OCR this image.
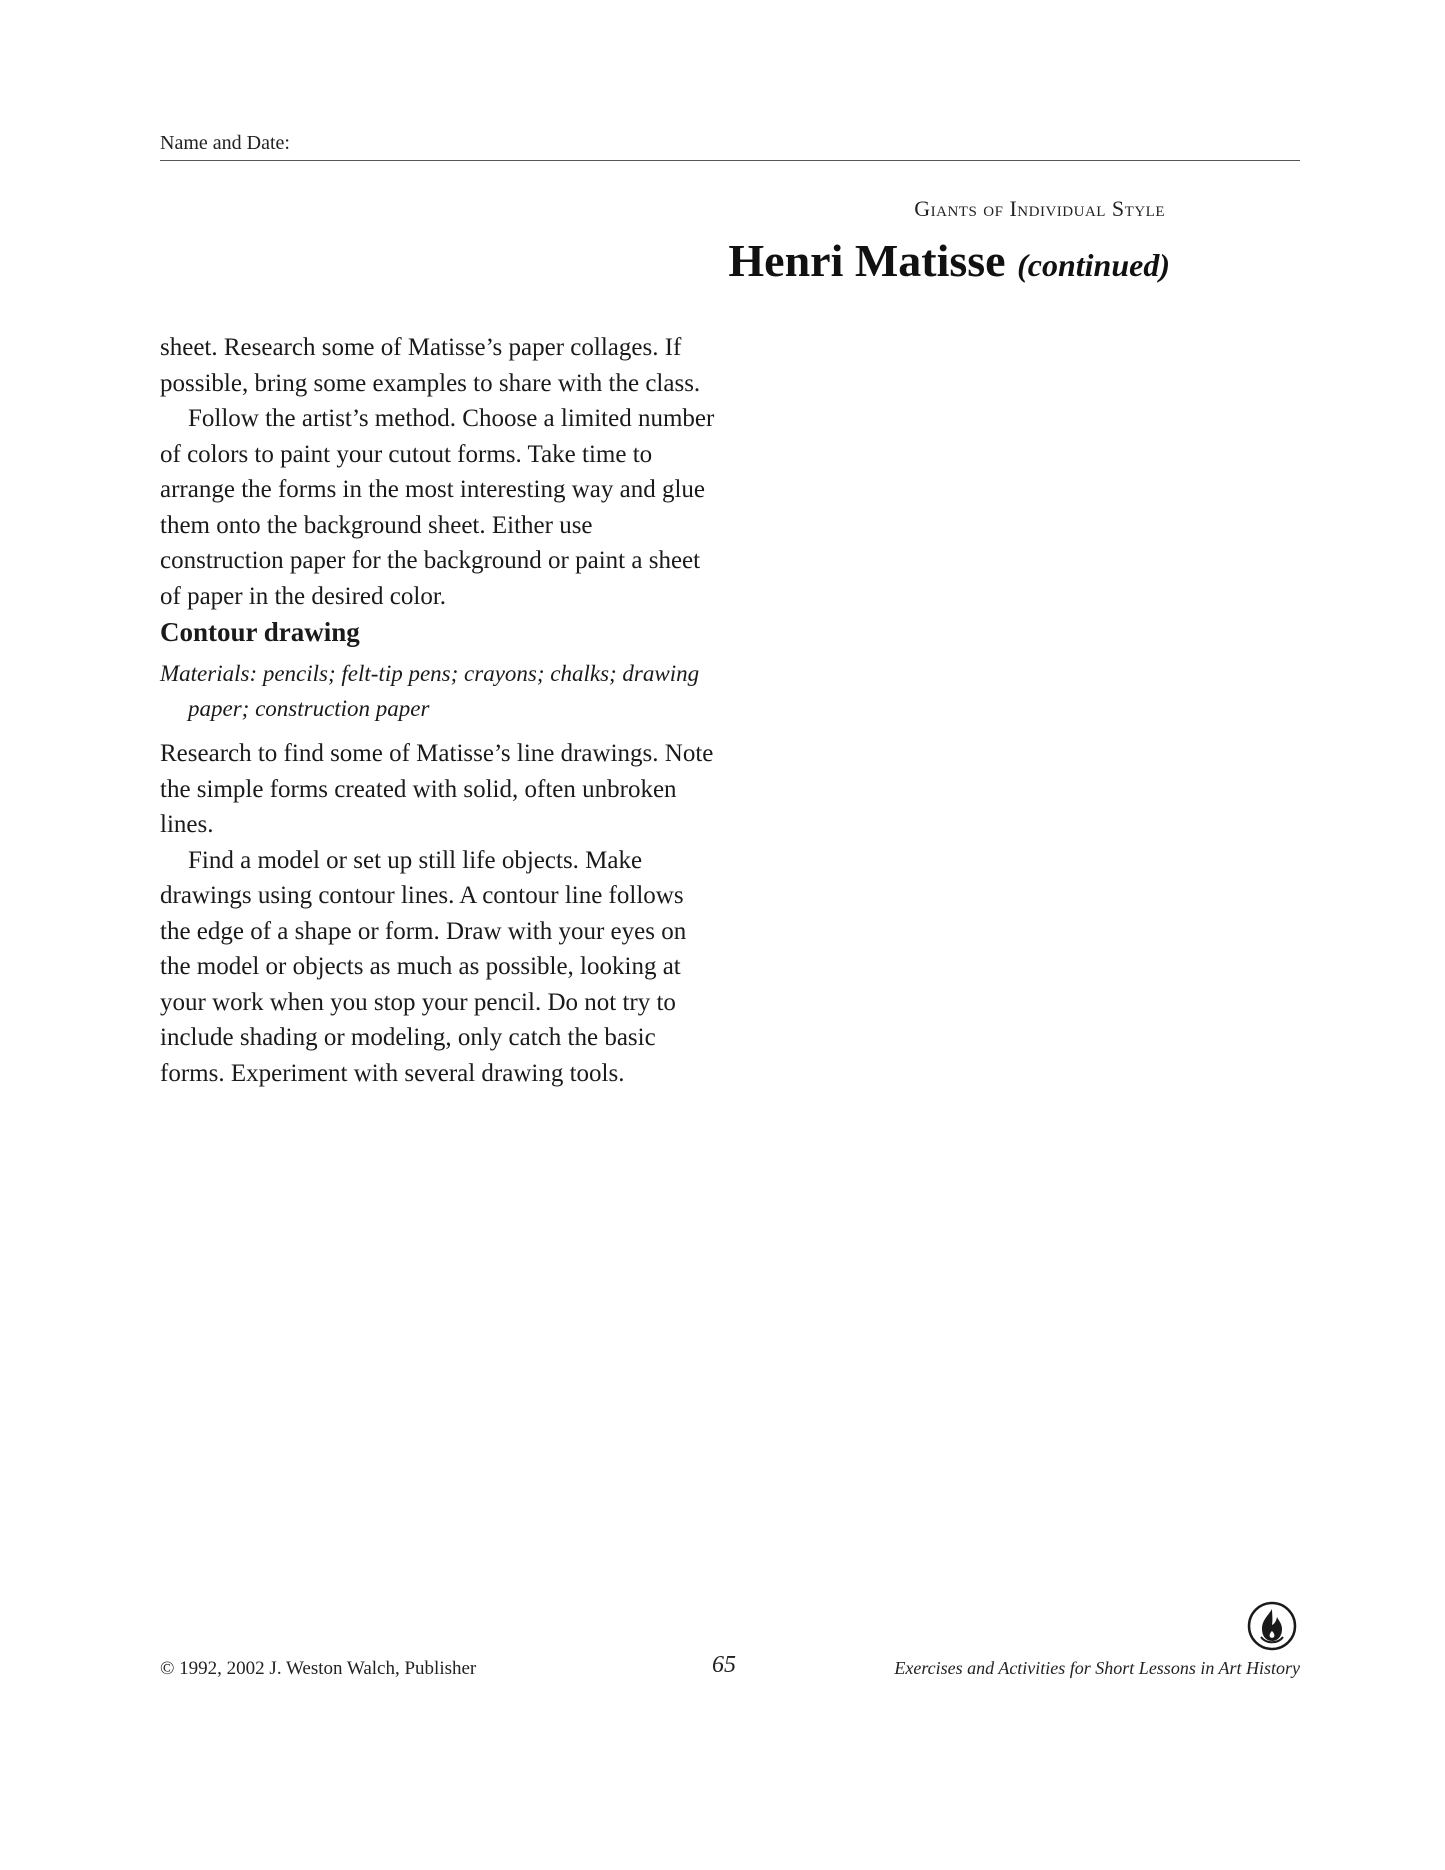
Name and Date:
Giants of Individual Style
Henri Matisse (continued)

sheet. Research some of Matisse’s paper collages. If possible, bring some examples to share with the class.

Follow the artist’s method. Choose a limited number of colors to paint your cutout forms. Take time to arrange the forms in the most interesting way and glue them onto the background sheet. Either use construction paper for the background or paint a sheet of paper in the desired color.

Contour drawing

Materials: pencils; felt-tip pens; crayons; chalks; drawing paper; construction paper

Research to find some of Matisse’s line drawings. Note the simple forms created with solid, often unbroken lines.

Find a model or set up still life objects. Make drawings using contour lines. A contour line follows the edge of a shape or form. Draw with your eyes on the model or objects as much as possible, looking at your work when you stop your pencil. Do not try to include shading or modeling, only catch the basic forms. Experiment with several drawing tools.

© 1992, 2002 J. Weston Walch, Publisher	65	Exercises and Activities for Short Lessons in Art History
